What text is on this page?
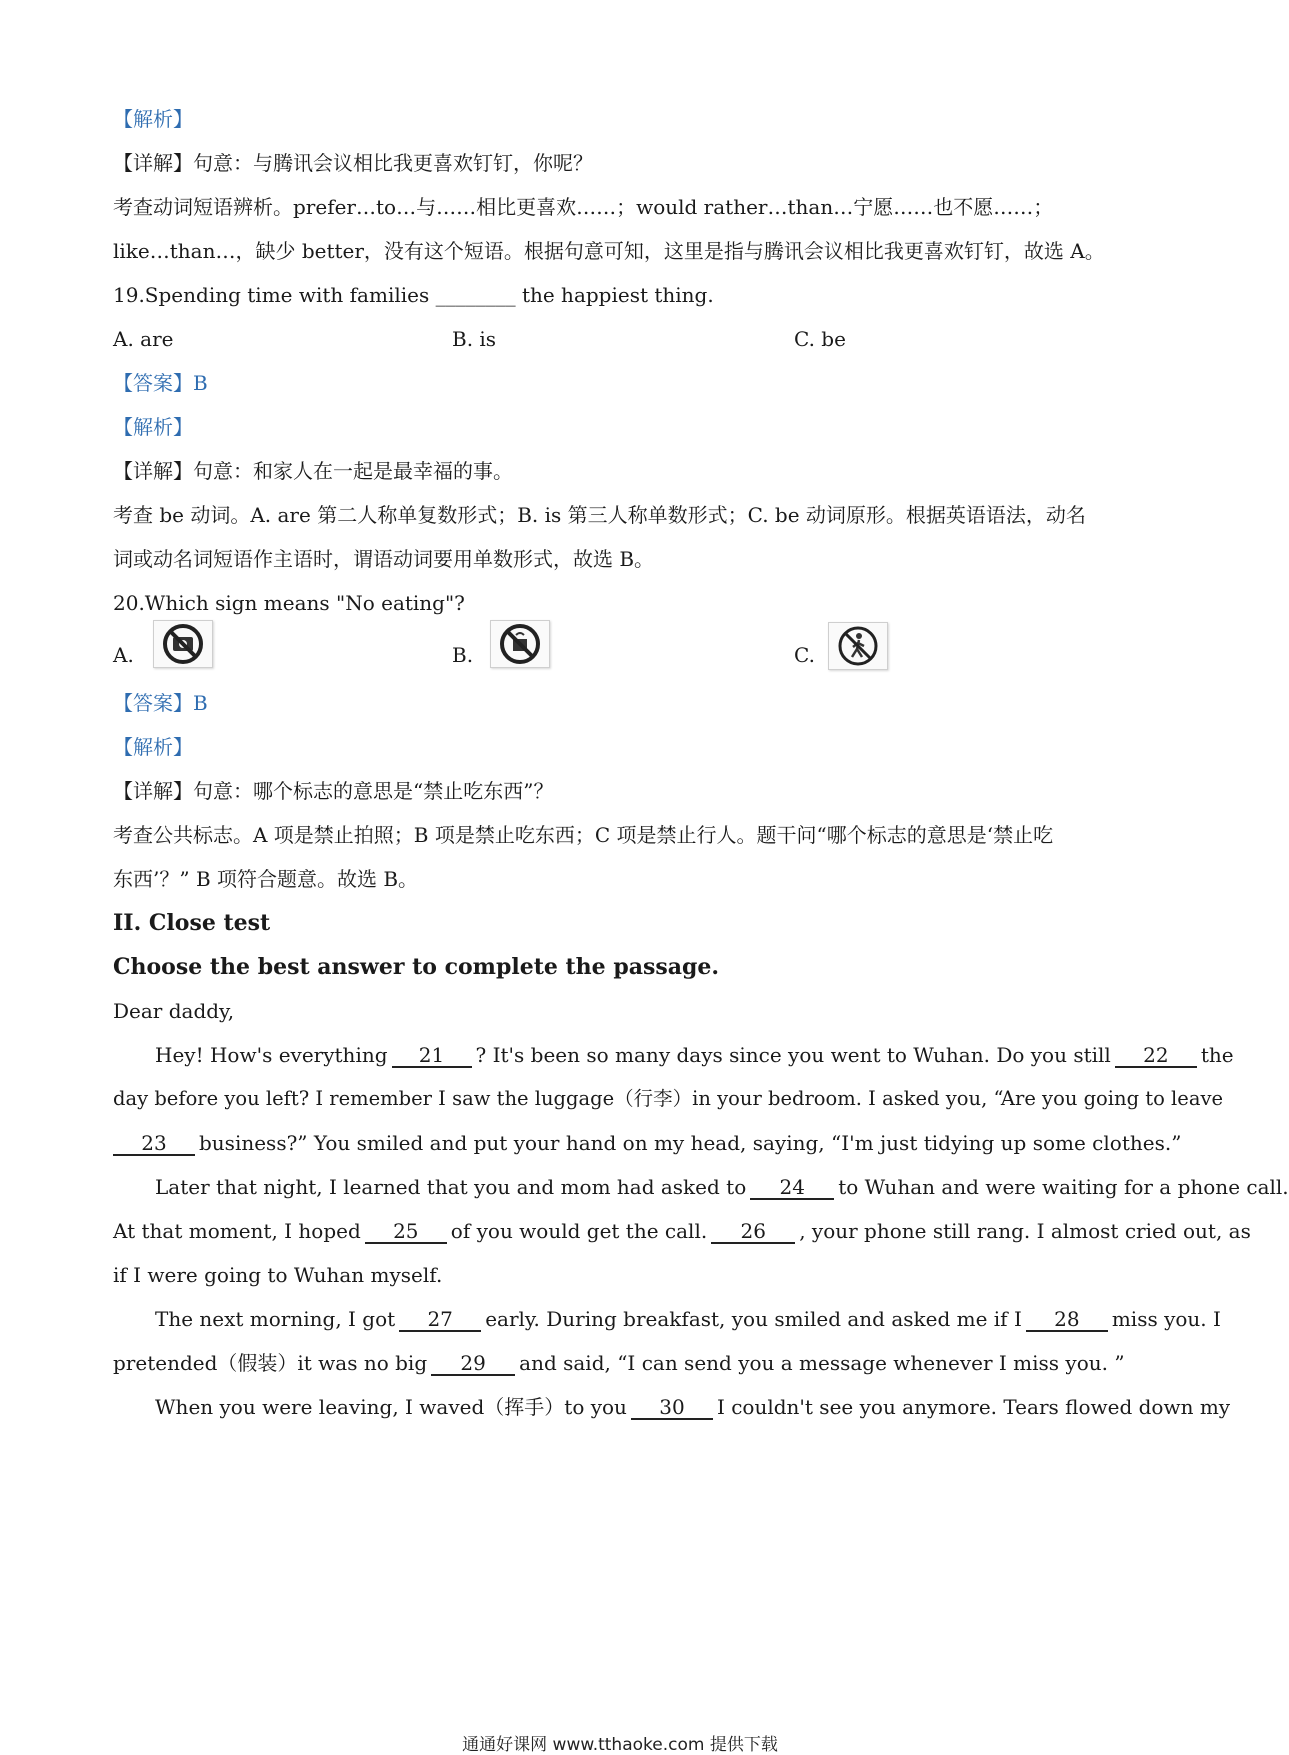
【解析】
【详解】句意：与腾讯会议相比我更喜欢钉钉，你呢？
考查动词短语辨析。prefer…to…与……相比更喜欢……；would rather…than…宁愿……也不愿……；
like…than…，缺少 better，没有这个短语。根据句意可知，这里是指与腾讯会议相比我更喜欢钉钉，故选 A。
19.Spending time with families ________ the happiest thing.
A. are	B. is	C. be
【答案】B
【解析】
【详解】句意：和家人在一起是最幸福的事。
考查 be 动词。A. are 第二人称单复数形式；B. is 第三人称单数形式；C. be 动词原形。根据英语语法，动名
词或动名词短语作主语时，谓语动词要用单数形式，故选 B。
20.Which sign means "No eating"?
A.	B.	C.
【答案】B
【解析】
【详解】句意：哪个标志的意思是“禁止吃东西”？
考查公共标志。A 项是禁止拍照；B 项是禁止吃东西；C 项是禁止行人。题干问“哪个标志的意思是‘禁止吃
东西’？” B 项符合题意。故选 B。
II. Close test
Choose the best answer to complete the passage.
Dear daddy,
Hey! How's everything 21 ? It's been so many days since you went to Wuhan. Do you still 22 the
day before you left? I remember I saw the luggage（行李）in your bedroom. I asked you, “Are you going to leave
23 business?” You smiled and put your hand on my head, saying, “I'm just tidying up some clothes.”
Later that night, I learned that you and mom had asked to 24 to Wuhan and were waiting for a phone call.
At that moment, I hoped 25 of you would get the call. 26 , your phone still rang. I almost cried out, as
if I were going to Wuhan myself.
The next morning, I got 27 early. During breakfast, you smiled and asked me if I 28 miss you. I
pretended（假装）it was no big 29 and said, “I can send you a message whenever I miss you. ”
When you were leaving, I waved（挥手）to you 30 I couldn't see you anymore. Tears flowed down my
通通好课网 www.tthaoke.com 提供下载
